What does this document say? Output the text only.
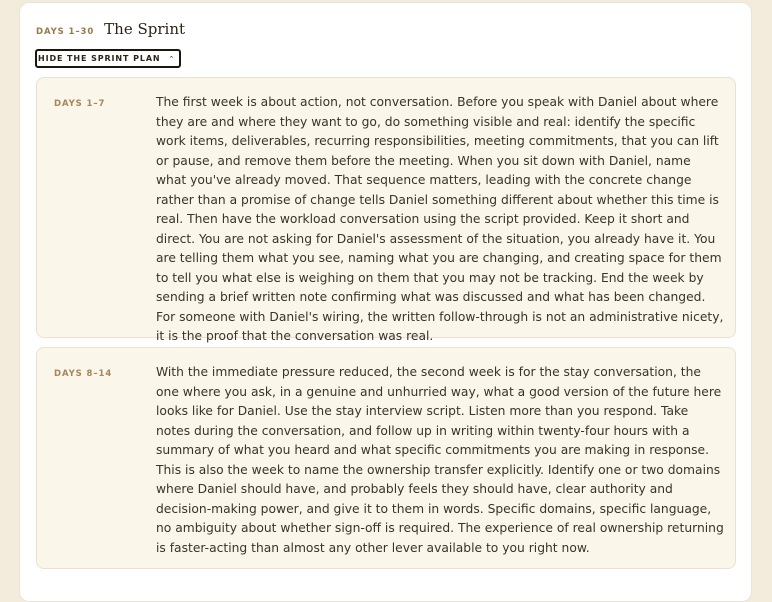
DAYS 1–30 The Sprint
HIDE THE SPRINT PLAN ⌃
DAYS 1–7	The first week is about action, not conversation. Before you speak with Daniel about where they are and where they want to go, do something visible and real: identify the specific work items, deliverables, recurring responsibilities, meeting commitments, that you can lift or pause, and remove them before the meeting. When you sit down with Daniel, name what you've already moved. That sequence matters, leading with the concrete change rather than a promise of change tells Daniel something different about whether this time is real. Then have the workload conversation using the script provided. Keep it short and direct. You are not asking for Daniel's assessment of the situation, you already have it. You are telling them what you see, naming what you are changing, and creating space for them to tell you what else is weighing on them that you may not be tracking. End the week by sending a brief written note confirming what was discussed and what has been changed. For someone with Daniel's wiring, the written follow-through is not an administrative nicety, it is the proof that the conversation was real.

DAYS 8–14	With the immediate pressure reduced, the second week is for the stay conversation, the one where you ask, in a genuine and unhurried way, what a good version of the future here looks like for Daniel. Use the stay interview script. Listen more than you respond. Take notes during the conversation, and follow up in writing within twenty-four hours with a summary of what you heard and what specific commitments you are making in response. This is also the week to name the ownership transfer explicitly. Identify one or two domains where Daniel should have, and probably feels they should have, clear authority and decision-making power, and give it to them in words. Specific domains, specific language, no ambiguity about whether sign-off is required. The experience of real ownership returning is faster-acting than almost any other lever available to you right now.
